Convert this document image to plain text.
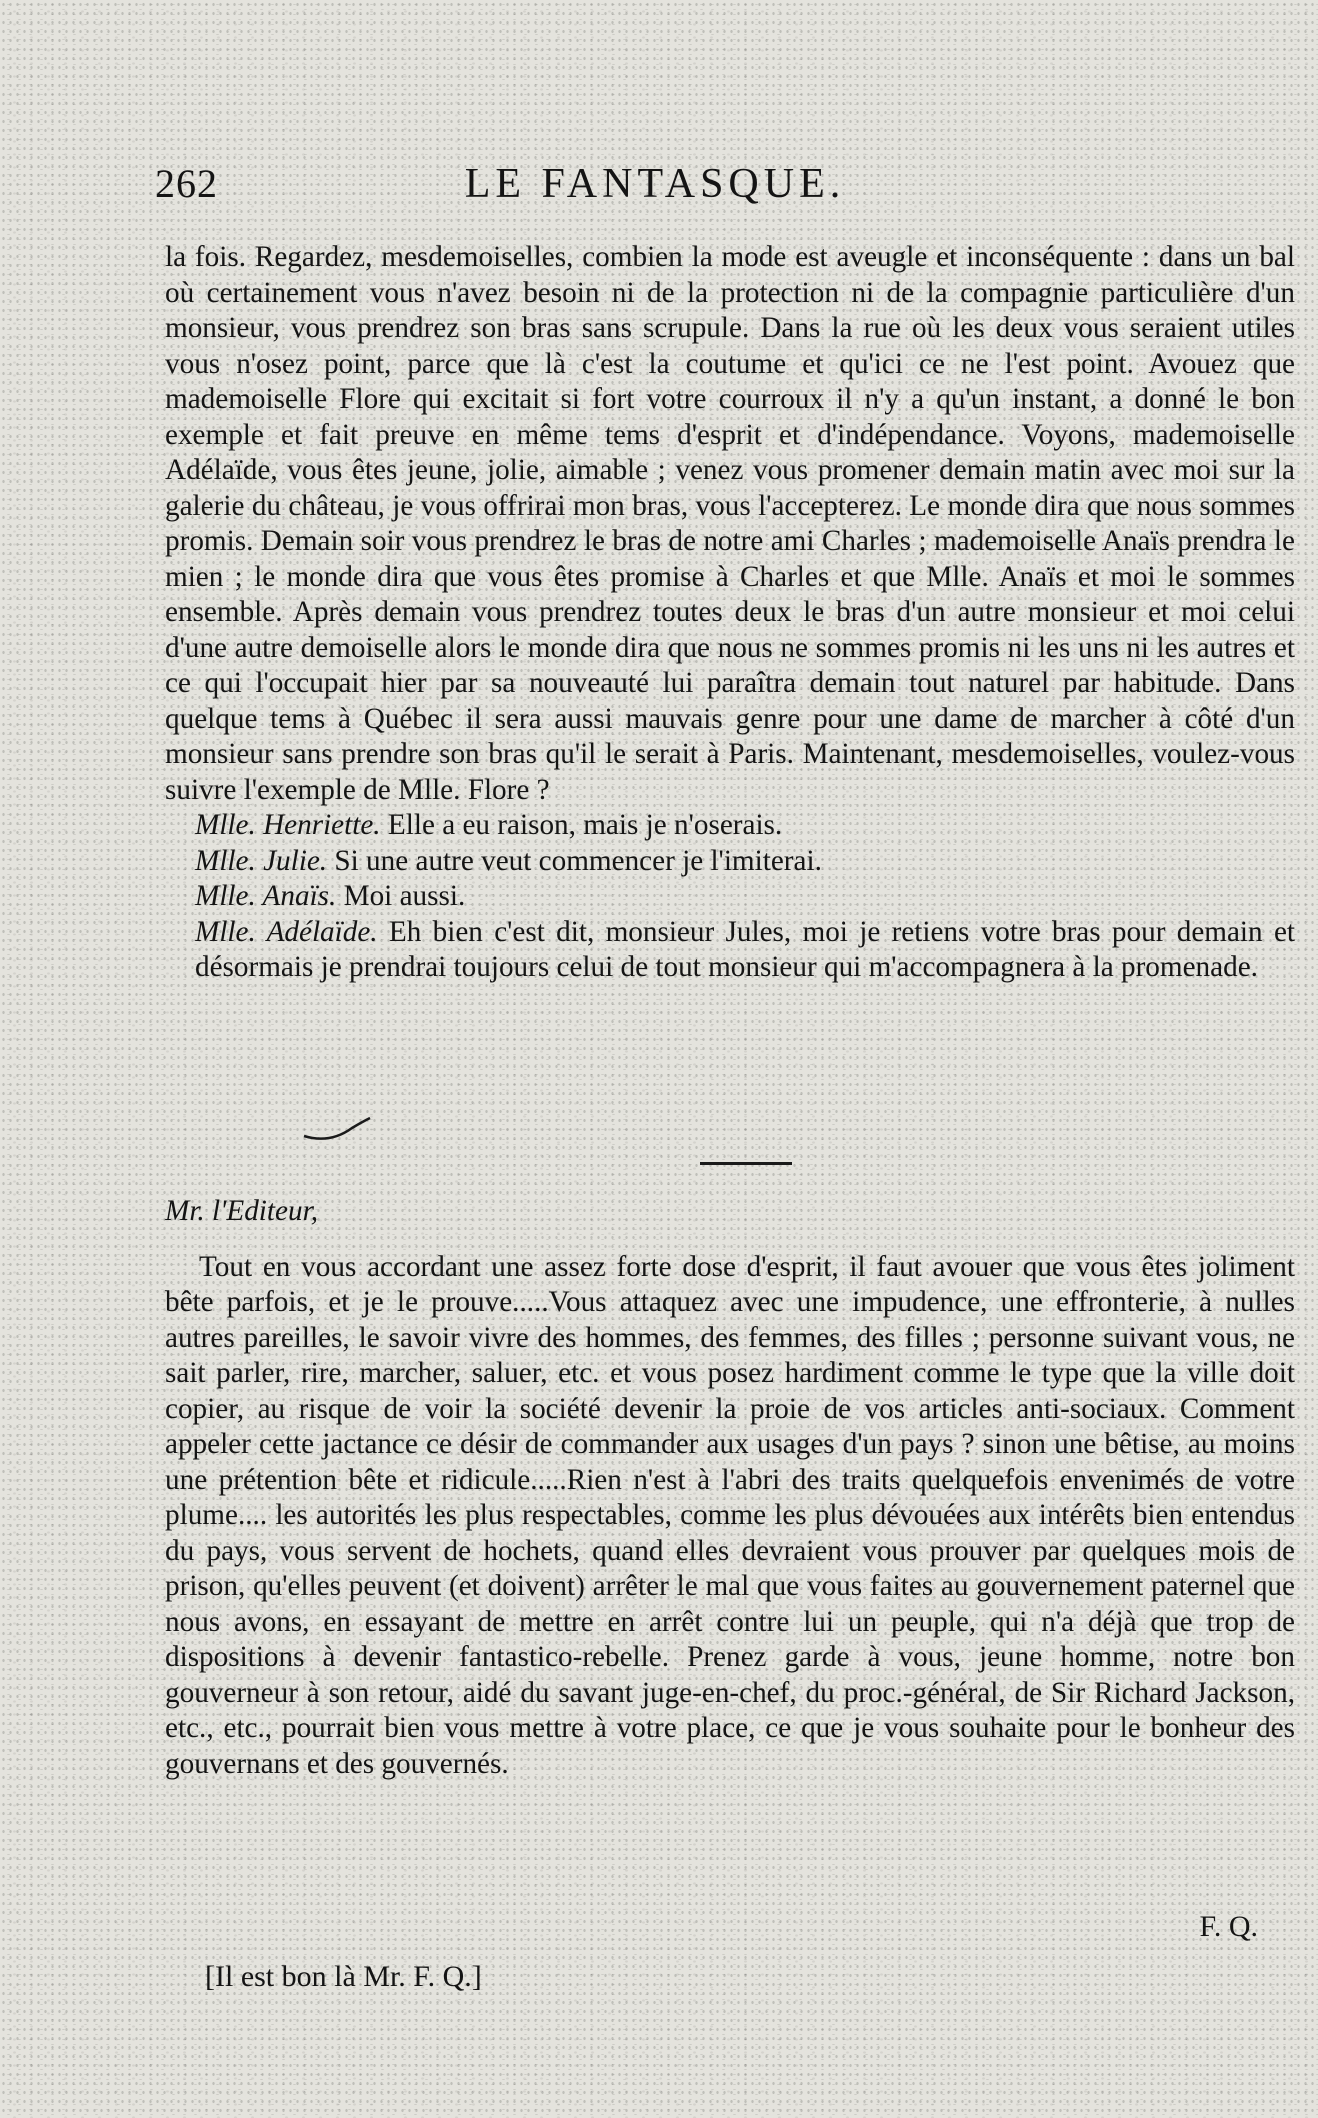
262	LE FANTASQUE.

la fois. Regardez, mesdemoiselles, combien la mode est aveugle et inconséquente : dans un bal où certainement vous n'avez besoin ni de la protection ni de la compagnie particulière d'un monsieur, vous prendrez son bras sans scrupule. Dans la rue où les deux vous seraient utiles vous n'osez point, parce que là c'est la coutume et qu'ici ce ne l'est point. Avouez que mademoiselle Flore qui excitait si fort votre courroux il n'y a qu'un instant, a donné le bon exemple et fait preuve en même tems d'esprit et d'indépendance. Voyons, mademoiselle Adélaïde, vous êtes jeune, jolie, aimable ; venez vous promener demain matin avec moi sur la galerie du château, je vous offrirai mon bras, vous l'accepterez. Le monde dira que nous sommes promis. Demain soir vous prendrez le bras de notre ami Charles ; mademoiselle Anaïs prendra le mien ; le monde dira que vous êtes promise à Charles et que Mlle. Anaïs et moi le sommes ensemble. Après demain vous prendrez toutes deux le bras d'un autre monsieur et moi celui d'une autre demoiselle alors le monde dira que nous ne sommes promis ni les uns ni les autres et ce qui l'occupait hier par sa nouveauté lui paraîtra demain tout naturel par habitude. Dans quelque tems à Québec il sera aussi mauvais genre pour une dame de marcher à côté d'un monsieur sans prendre son bras qu'il le serait à Paris. Maintenant, mesdemoiselles, voulez-vous suivre l'exemple de Mlle. Flore ?

Mlle. Henriette. Elle a eu raison, mais je n'oserais.
Mlle. Julie. Si une autre veut commencer je l'imiterai.
Mlle. Anaïs. Moi aussi.
Mlle. Adélaïde. Eh bien c'est dit, monsieur Jules, moi je retiens votre bras pour demain et désormais je prendrai toujours celui de tout monsieur qui m'accompagnera à la promenade.

Mr. l'Editeur,

Tout en vous accordant une assez forte dose d'esprit, il faut avouer que vous êtes joliment bête parfois, et je le prouve.....Vous attaquez avec une impudence, une effronterie, à nulles autres pareilles, le savoir vivre des hommes, des femmes, des filles ; personne suivant vous, ne sait parler, rire, marcher, saluer, etc. et vous posez hardiment comme le type que la ville doit copier, au risque de voir la société devenir la proie de vos articles anti-sociaux. Comment appeler cette jactance ce désir de commander aux usages d'un pays ? sinon une bêtise, au moins une prétention bête et ridicule.....Rien n'est à l'abri des traits quelquefois envenimés de votre plume.... les autorités les plus respectables, comme les plus dévouées aux intérêts bien entendus du pays, vous servent de hochets, quand elles devraient vous prouver par quelques mois de prison, qu'elles peuvent (et doivent) arrêter le mal que vous faites au gouvernement paternel que nous avons, en essayant de mettre en arrêt contre lui un peuple, qui n'a déjà que trop de dispositions à devenir fantastico-rebelle. Prenez garde à vous, jeune homme, notre bon gouverneur à son retour, aidé du savant juge-en-chef, du proc.-général, de Sir Richard Jackson, etc., etc., pourrait bien vous mettre à votre place, ce que je vous souhaite pour le bonheur des gouvernans et des gouvernés.

F. Q.
[Il est bon là Mr. F. Q.]
